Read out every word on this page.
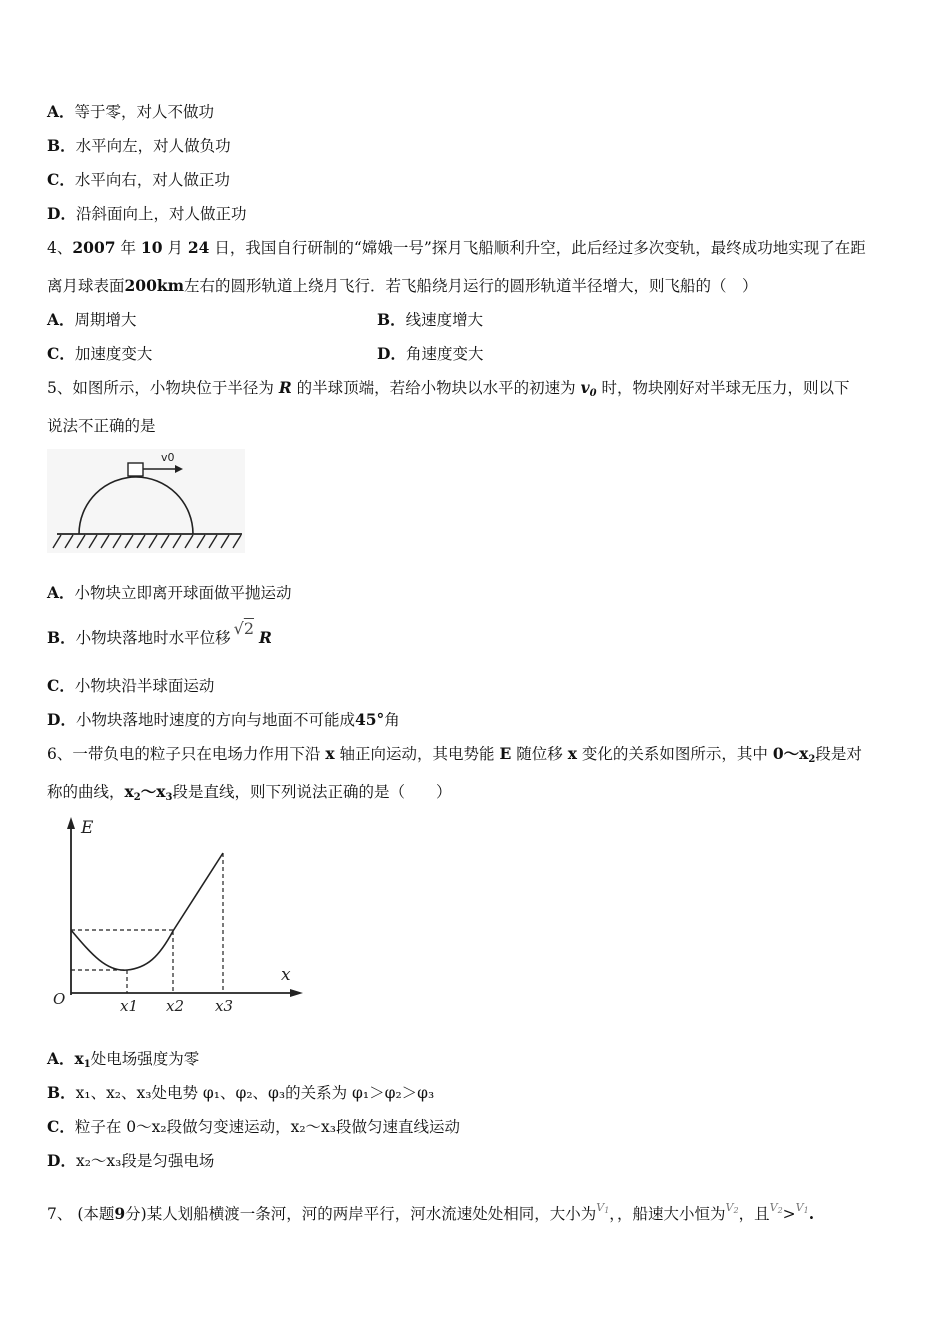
A．等于零，对人不做功
B．水平向左，对人做负功
C．水平向右，对人做正功
D．沿斜面向上，对人做正功
4、2007 年 10 月 24 日，我国自行研制的“嫦娥一号”探月飞船顺利升空，此后经过多次变轨，最终成功地实现了在距
离月球表面200km左右的圆形轨道上绕月飞行．若飞船绕月运行的圆形轨道半径增大，则飞船的（　）
A．周期增大	B．线速度增大
C．加速度变大	D．角速度变大
5、如图所示，小物块位于半径为 R 的半球顶端，若给小物块以水平的初速为 $v_0$ 时，物块刚好对半球无压力，则以下
说法不正确的是
v0
A．小物块立即离开球面做平抛运动
B．小物块落地时水平位移 √2 R
C．小物块沿半球面运动
D．小物块落地时速度的方向与地面不可能成45°角
6、一带负电的粒子只在电场力作用下沿 x 轴正向运动，其电势能 E 随位移 x 变化的关系如图所示，其中 $0\sim x_2$段是对
称的曲线，$x_2\sim x_3$段是直线，则下列说法正确的是（　　）
E
x
O	x1 x2 x3
A．$x_1$处电场强度为零
B．x₁、x₂、x₃处电势 φ₁、φ₂、φ₃的关系为 φ₁＞φ₂＞φ₃
C．粒子在 0～x₂段做匀变速运动，x₂～x₃段做匀速直线运动
D．x₂～x₃段是匀强电场
7、 (本题9分)某人划船横渡一条河，河的两岸平行，河水流速处处相同，大小为$^{V_1}$，，船速大小恒为$^{V_2}$，且$^{V_2}$>$^{V_1}$.
